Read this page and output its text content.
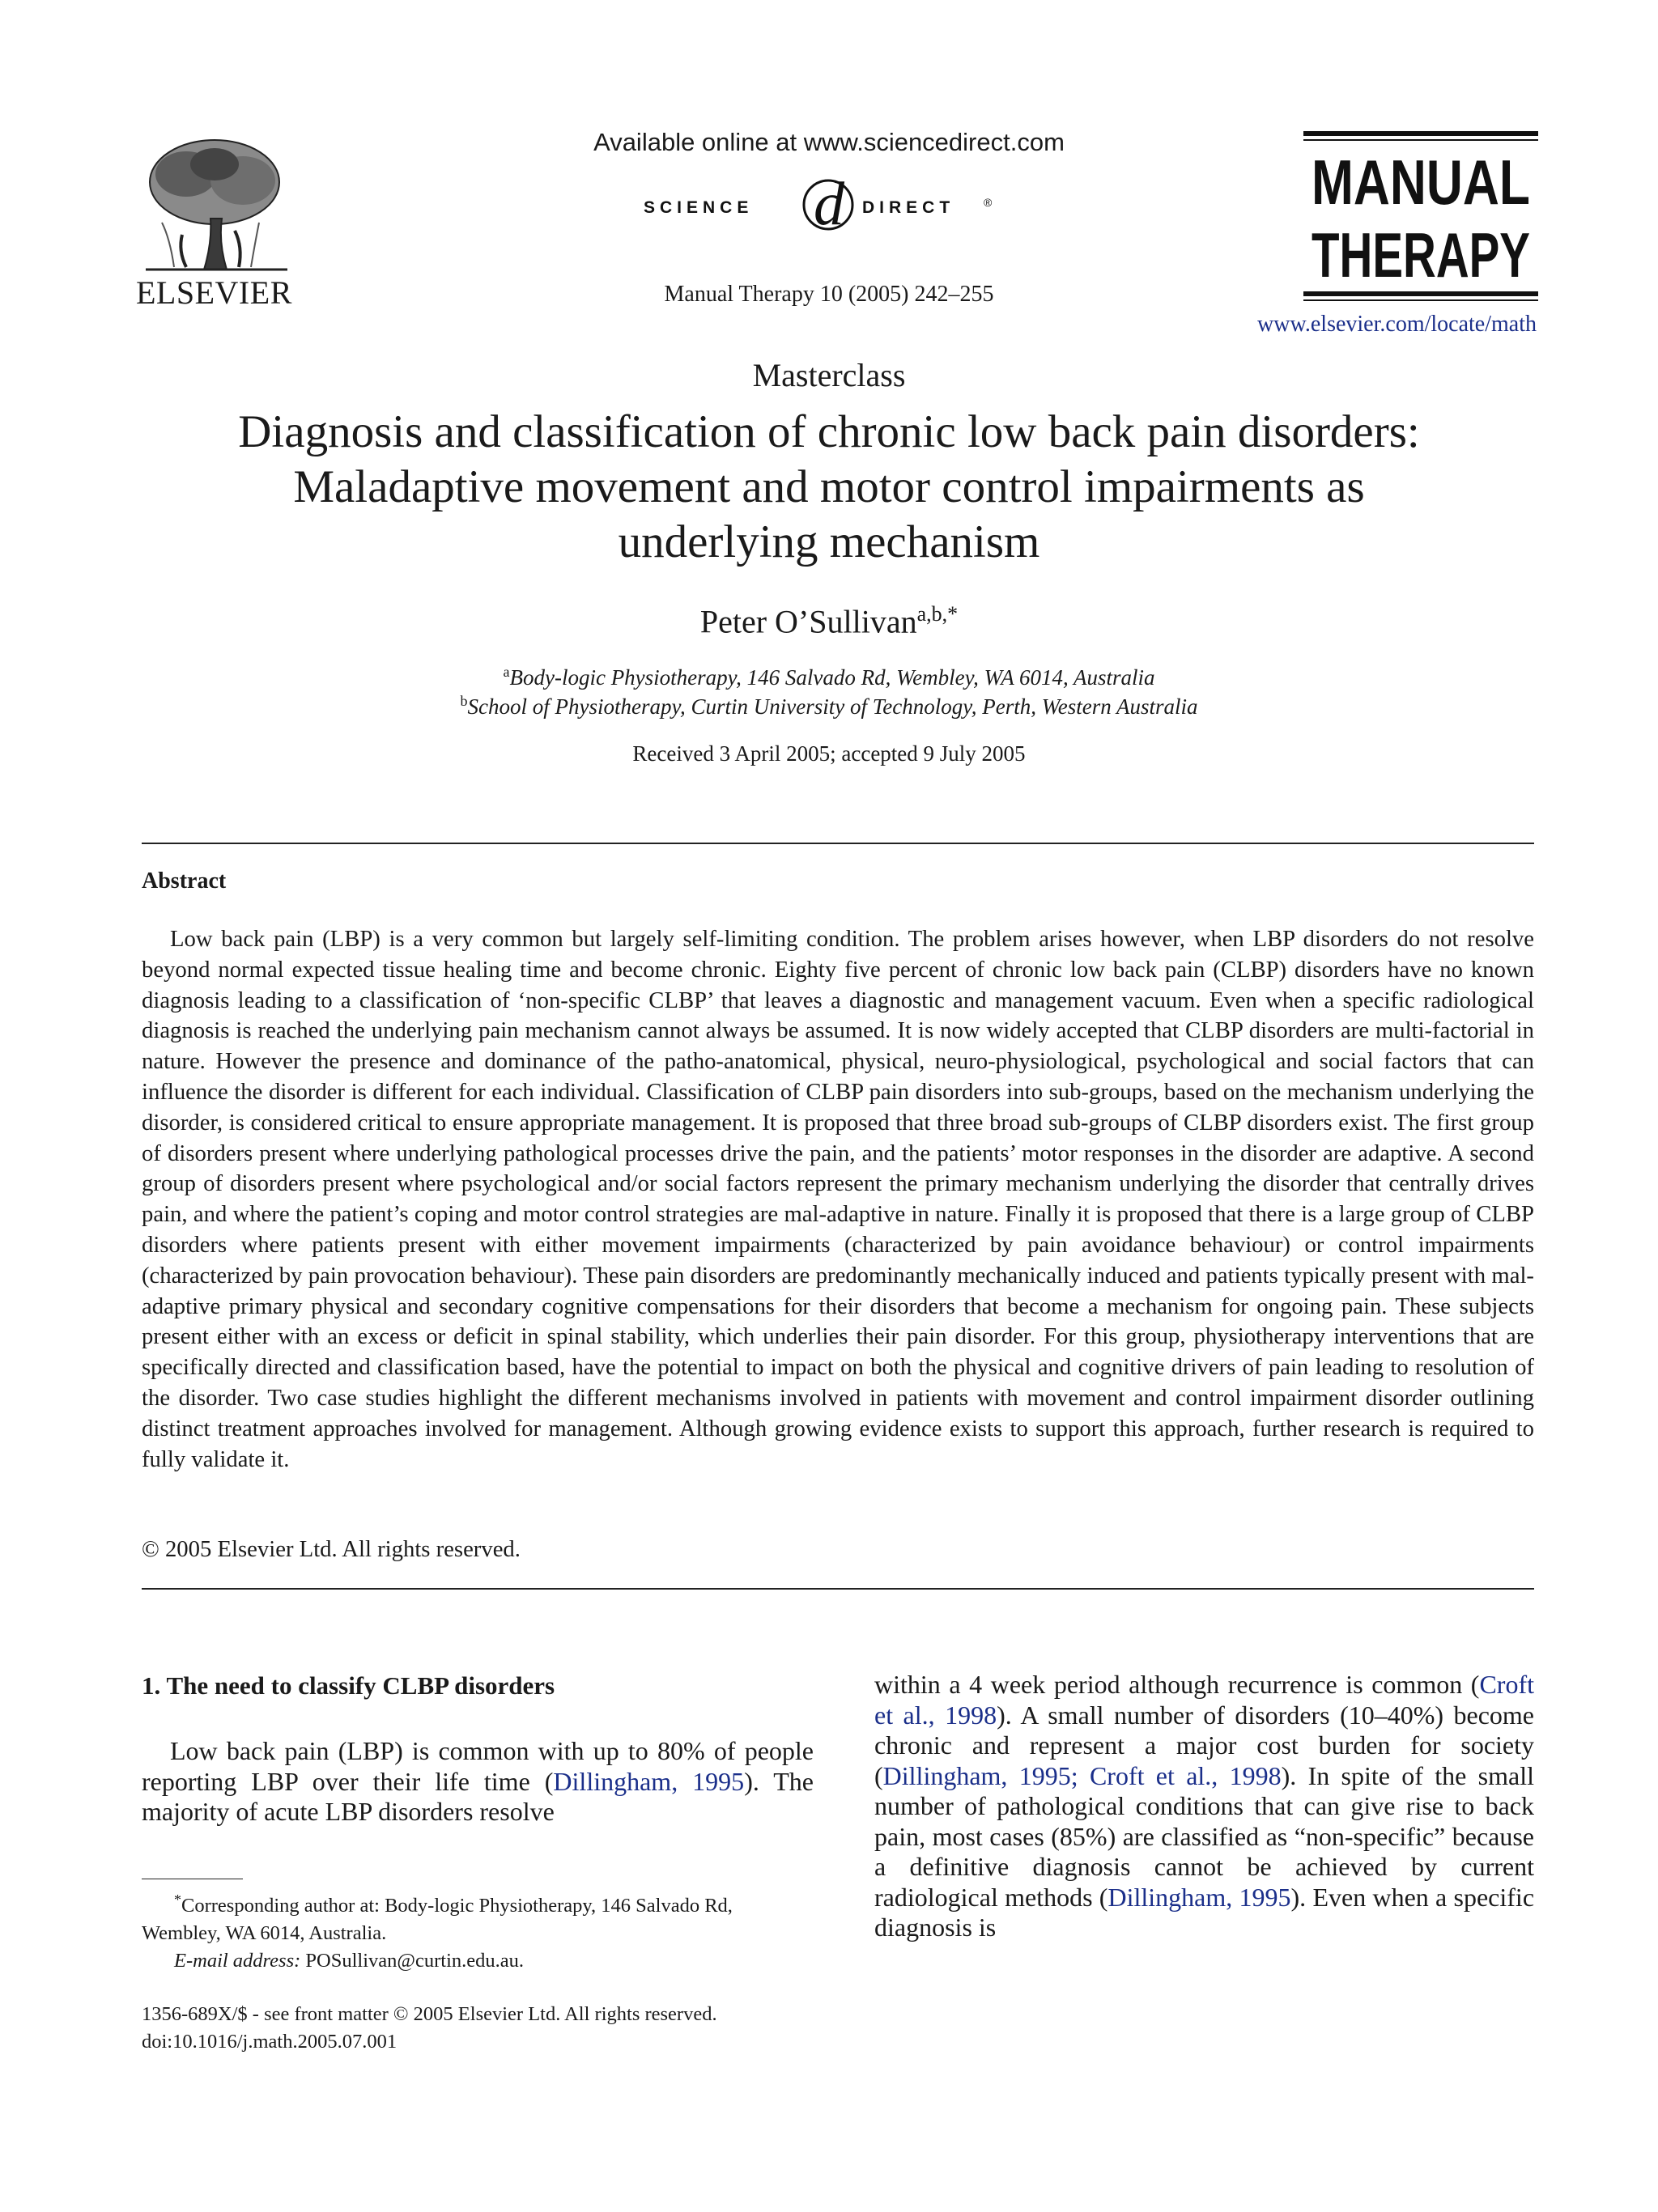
ELSEVIER
Available online at www.sciencedirect.com
SCIENCE d DIRECT	®
Manual Therapy 10 (2005) 242–255
MANUAL
THERAPY
www.elsevier.com/locate/math
Masterclass
Diagnosis and classification of chronic low back pain disorders:
Maladaptive movement and motor control impairments as
underlying mechanism
Peter O’Sullivan$^{a,b,*}$
$^a$Body-logic Physiotherapy, 146 Salvado Rd, Wembley, WA 6014, Australia
$^b$School of Physiotherapy, Curtin University of Technology, Perth, Western Australia
Received 3 April 2005; accepted 9 July 2005
Abstract
Low back pain (LBP) is a very common but largely self-limiting condition. The problem arises however, when LBP disorders do not resolve beyond normal expected tissue healing time and become chronic. Eighty five percent of chronic low back pain (CLBP) disorders have no known diagnosis leading to a classification of ‘non-specific CLBP’ that leaves a diagnostic and management vacuum. Even when a specific radiological diagnosis is reached the underlying pain mechanism cannot always be assumed. It is now widely accepted that CLBP disorders are multi-factorial in nature. However the presence and dominance of the patho-anatomical, physical, neuro-physiological, psychological and social factors that can influence the disorder is different for each individual. Classification of CLBP pain disorders into sub-groups, based on the mechanism underlying the disorder, is considered critical to ensure appropriate management. It is proposed that three broad sub-groups of CLBP disorders exist. The first group of disorders present where underlying pathological processes drive the pain, and the patients’ motor responses in the disorder are adaptive. A second group of disorders present where psychological and/or social factors represent the primary mechanism underlying the disorder that centrally drives pain, and where the patient’s coping and motor control strategies are mal-adaptive in nature. Finally it is proposed that there is a large group of CLBP disorders where patients present with either movement impairments (characterized by pain avoidance behaviour) or control impairments (characterized by pain provocation behaviour). These pain disorders are predominantly mechanically induced and patients typically present with mal-adaptive primary physical and secondary cognitive compensations for their disorders that become a mechanism for ongoing pain. These subjects present either with an excess or deficit in spinal stability, which underlies their pain disorder. For this group, physiotherapy interventions that are specifically directed and classification based, have the potential to impact on both the physical and cognitive drivers of pain leading to resolution of the disorder. Two case studies highlight the different mechanisms involved in patients with movement and control impairment disorder outlining distinct treatment approaches involved for management. Although growing evidence exists to support this approach, further research is required to fully validate it.
© 2005 Elsevier Ltd. All rights reserved.
1. The need to classify CLBP disorders
Low back pain (LBP) is common with up to 80% of people reporting LBP over their life time (Dillingham, 1995). The majority of acute LBP disorders resolve
within a 4 week period although recurrence is common (Croft et al., 1998). A small number of disorders (10–40%) become chronic and represent a major cost burden for society (Dillingham, 1995; Croft et al., 1998). In spite of the small number of pathological conditions that can give rise to back pain, most cases (85%) are classified as “non-specific” because a definitive diagnosis cannot be achieved by current radiological methods (Dillingham, 1995). Even when a specific diagnosis is
*Corresponding author at: Body-logic Physiotherapy, 146 Salvado Rd, Wembley, WA 6014, Australia.
E-mail address: POSullivan@curtin.edu.au.
1356-689X/$ - see front matter © 2005 Elsevier Ltd. All rights reserved.
doi:10.1016/j.math.2005.07.001
